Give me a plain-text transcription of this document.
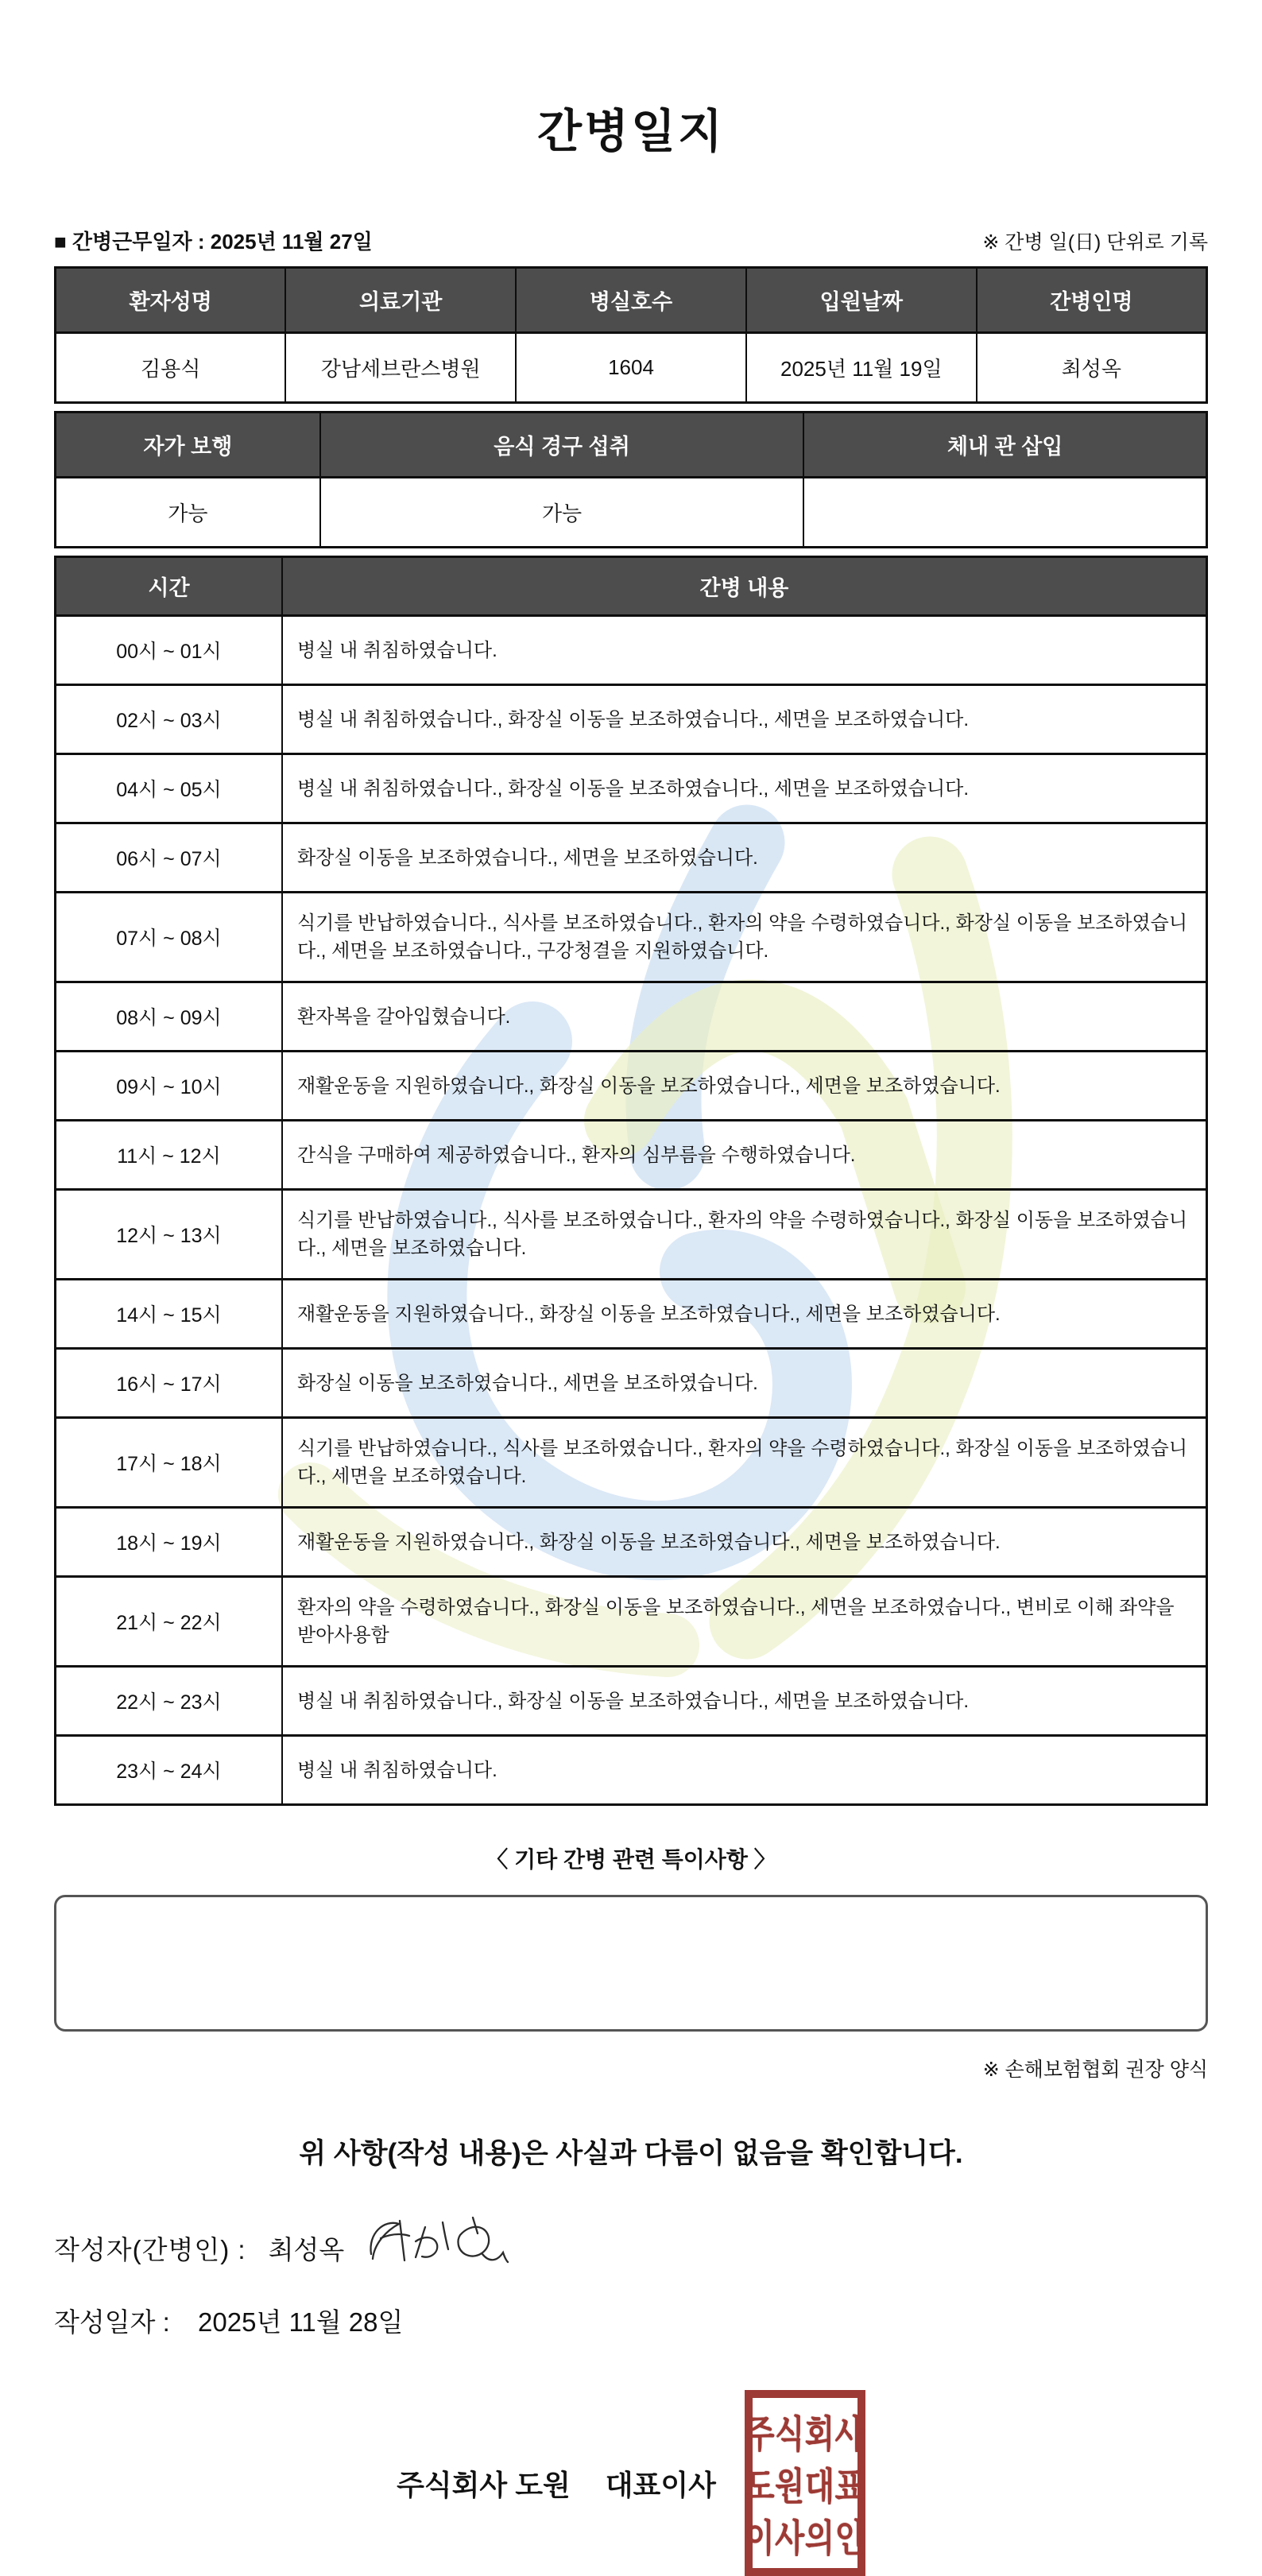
간병일지
■ 간병근무일자 : 2025년 11월 27일	※ 간병 일(日) 단위로 기록
환자성명	의료기관	병실호수	입원날짜	간병인명
김용식	강남세브란스병원	1604	2025년 11월 19일	최성옥
자가 보행	음식 경구 섭취	체내 관 삽입
가능	가능	
시간	간병 내용
00시 ~ 01시	병실 내 취침하였습니다.
02시 ~ 03시	병실 내 취침하였습니다., 화장실 이동을 보조하였습니다., 세면을 보조하였습니다.
04시 ~ 05시	병실 내 취침하였습니다., 화장실 이동을 보조하였습니다., 세면을 보조하였습니다.
06시 ~ 07시	화장실 이동을 보조하였습니다., 세면을 보조하였습니다.
07시 ~ 08시	식기를 반납하였습니다., 식사를 보조하였습니다., 환자의 약을 수령하였습니다., 화장실 이동을 보조하였습니다., 세면을 보조하였습니다., 구강청결을 지원하였습니다.
08시 ~ 09시	환자복을 갈아입혔습니다.
09시 ~ 10시	재활운동을 지원하였습니다., 화장실 이동을 보조하였습니다., 세면을 보조하였습니다.
11시 ~ 12시	간식을 구매하여 제공하였습니다., 환자의 심부름을 수행하였습니다.
12시 ~ 13시	식기를 반납하였습니다., 식사를 보조하였습니다., 환자의 약을 수령하였습니다., 화장실 이동을 보조하였습니다., 세면을 보조하였습니다.
14시 ~ 15시	재활운동을 지원하였습니다., 화장실 이동을 보조하였습니다., 세면을 보조하였습니다.
16시 ~ 17시	화장실 이동을 보조하였습니다., 세면을 보조하였습니다.
17시 ~ 18시	식기를 반납하였습니다., 식사를 보조하였습니다., 환자의 약을 수령하였습니다., 화장실 이동을 보조하였습니다., 세면을 보조하였습니다.
18시 ~ 19시	재활운동을 지원하였습니다., 화장실 이동을 보조하였습니다., 세면을 보조하였습니다.
21시 ~ 22시	환자의 약을 수령하였습니다., 화장실 이동을 보조하였습니다., 세면을 보조하였습니다., 변비로 이해 좌약을받아사용함
22시 ~ 23시	병실 내 취침하였습니다., 화장실 이동을 보조하였습니다., 세면을 보조하였습니다.
23시 ~ 24시	병실 내 취침하였습니다.
〈 기타 간병 관련 특이사항 〉
※ 손해보험협회 권장 양식
위 사항(작성 내용)은 사실과 다름이 없음을 확인합니다.
작성자(간병인) : 최성옥
작성일자 : 2025년 11월 28일
주식회사 도원 대표이사
주식회사
도원대표
이사의인
